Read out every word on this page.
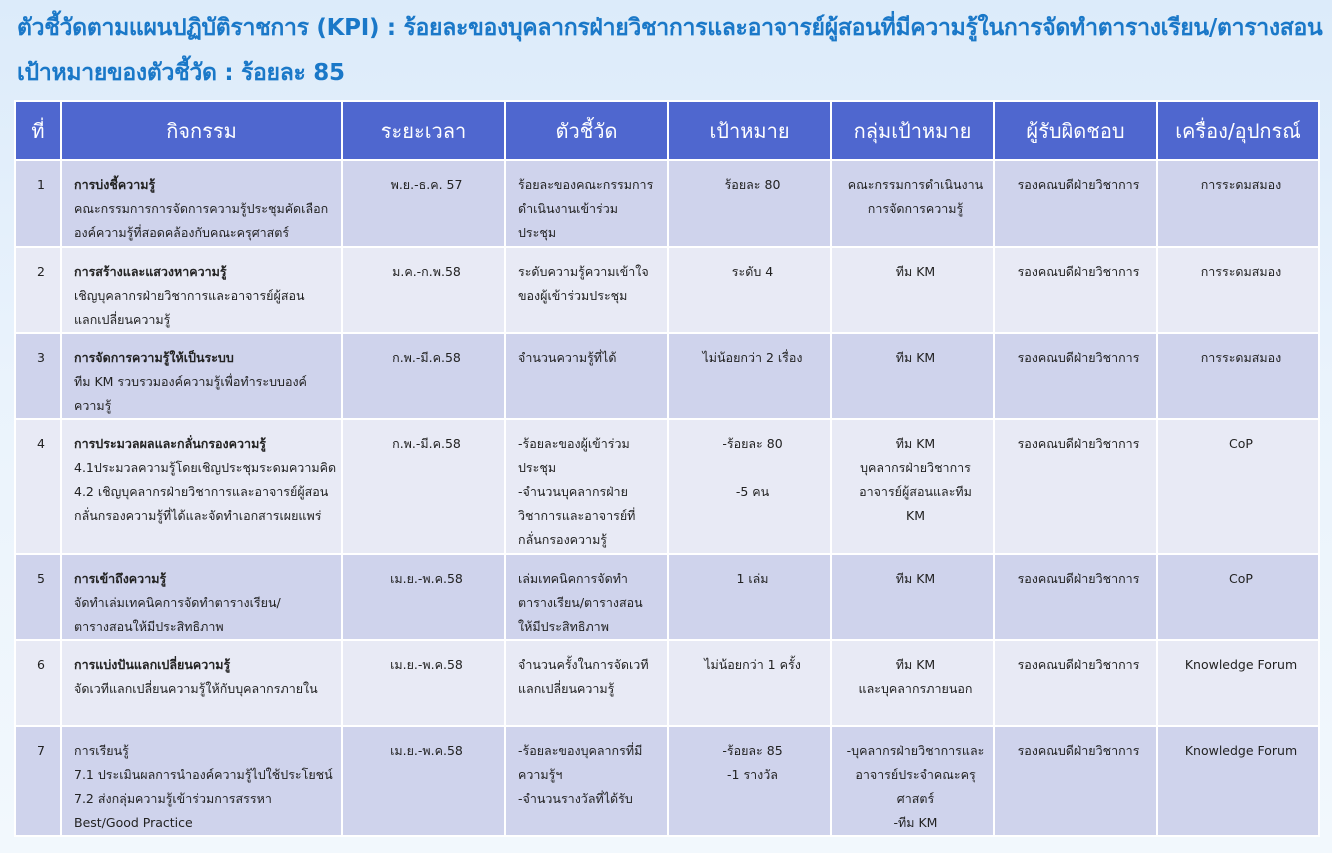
ตัวชี้วัดตามแผนปฏิบัติราชการ (KPI) : ร้อยละของบุคลากรฝ่ายวิชาการและอาจารย์ผู้สอนที่มีความรู้ในการจัดทำตารางเรียน/ตารางสอน
เป้าหมายของตัวชี้วัด : ร้อยละ 85
ที่	กิจกรรม	ระยะเวลา	ตัวชี้วัด	เป้าหมาย	กลุ่มเป้าหมาย	ผู้รับผิดชอบ	เครื่อง/อุปกรณ์

1	การบ่งชี้ความรู้
คณะกรรมการการจัดการความรู้ประชุมคัดเลือก
องค์ความรู้ที่สอดคล้องกับคณะครุศาสตร์	พ.ย.-ธ.ค. 57	ร้อยละของคณะกรรมการ
ดำเนินงานเข้าร่วม
ประชุม	ร้อยละ 80	คณะกรรมการดำเนินงาน
การจัดการความรู้	รองคณบดีฝ่ายวิชาการ	การระดมสมอง

2	การสร้างและแสวงหาความรู้
เชิญบุคลากรฝ่ายวิชาการและอาจารย์ผู้สอน
แลกเปลี่ยนความรู้	ม.ค.-ก.พ.58	ระดับความรู้ความเข้าใจ
ของผู้เข้าร่วมประชุม	ระดับ 4	ทีม KM	รองคณบดีฝ่ายวิชาการ	การระดมสมอง

3	การจัดการความรู้ให้เป็นระบบ
ทีม KM รวบรวมองค์ความรู้เพื่อทำระบบองค์
ความรู้	ก.พ.-มี.ค.58	จำนวนความรู้ที่ได้	ไม่น้อยกว่า 2 เรื่อง	ทีม KM	รองคณบดีฝ่ายวิชาการ	การระดมสมอง

4	การประมวลผลและกลั่นกรองความรู้
4.1ประมวลความรู้โดยเชิญประชุมระดมความคิด
4.2 เชิญบุคลากรฝ่ายวิชาการและอาจารย์ผู้สอน
กลั่นกรองความรู้ที่ได้และจัดทำเอกสารเผยแพร่	ก.พ.-มี.ค.58	-ร้อยละของผู้เข้าร่วม
ประชุม
-จำนวนบุคลากรฝ่าย
วิชาการและอาจารย์ที่
กลั่นกรองความรู้	-ร้อยละ 80

-5 คน	ทีม KM
บุคลากรฝ่ายวิชาการ
อาจารย์ผู้สอนและทีม
KM	รองคณบดีฝ่ายวิชาการ	CoP

5	การเข้าถึงความรู้
จัดทำเล่มเทคนิคการจัดทำตารางเรียน/
ตารางสอนให้มีประสิทธิภาพ	เม.ย.-พ.ค.58	เล่มเทคนิคการจัดทำ
ตารางเรียน/ตารางสอน
ให้มีประสิทธิภาพ	1 เล่ม	ทีม KM	รองคณบดีฝ่ายวิชาการ	CoP

6	การแบ่งปันแลกเปลี่ยนความรู้
จัดเวทีแลกเปลี่ยนความรู้ให้กับบุคลากรภายใน	เม.ย.-พ.ค.58	จำนวนครั้งในการจัดเวที
แลกเปลี่ยนความรู้	ไม่น้อยกว่า 1 ครั้ง	ทีม KM
และบุคลากรภายนอก	รองคณบดีฝ่ายวิชาการ	Knowledge Forum

7	การเรียนรู้
7.1 ประเมินผลการนำองค์ความรู้ไปใช้ประโยชน์
7.2 ส่งกลุ่มความรู้เข้าร่วมการสรรหา
Best/Good Practice	เม.ย.-พ.ค.58	-ร้อยละของบุคลากรที่มี
ความรู้ฯ
-จำนวนรางวัลที่ได้รับ	-ร้อยละ 85
-1 รางวัล	-บุคลากรฝ่ายวิชาการและ
อาจารย์ประจำคณะครุ
ศาสตร์
-ทีม KM	รองคณบดีฝ่ายวิชาการ	Knowledge Forum
